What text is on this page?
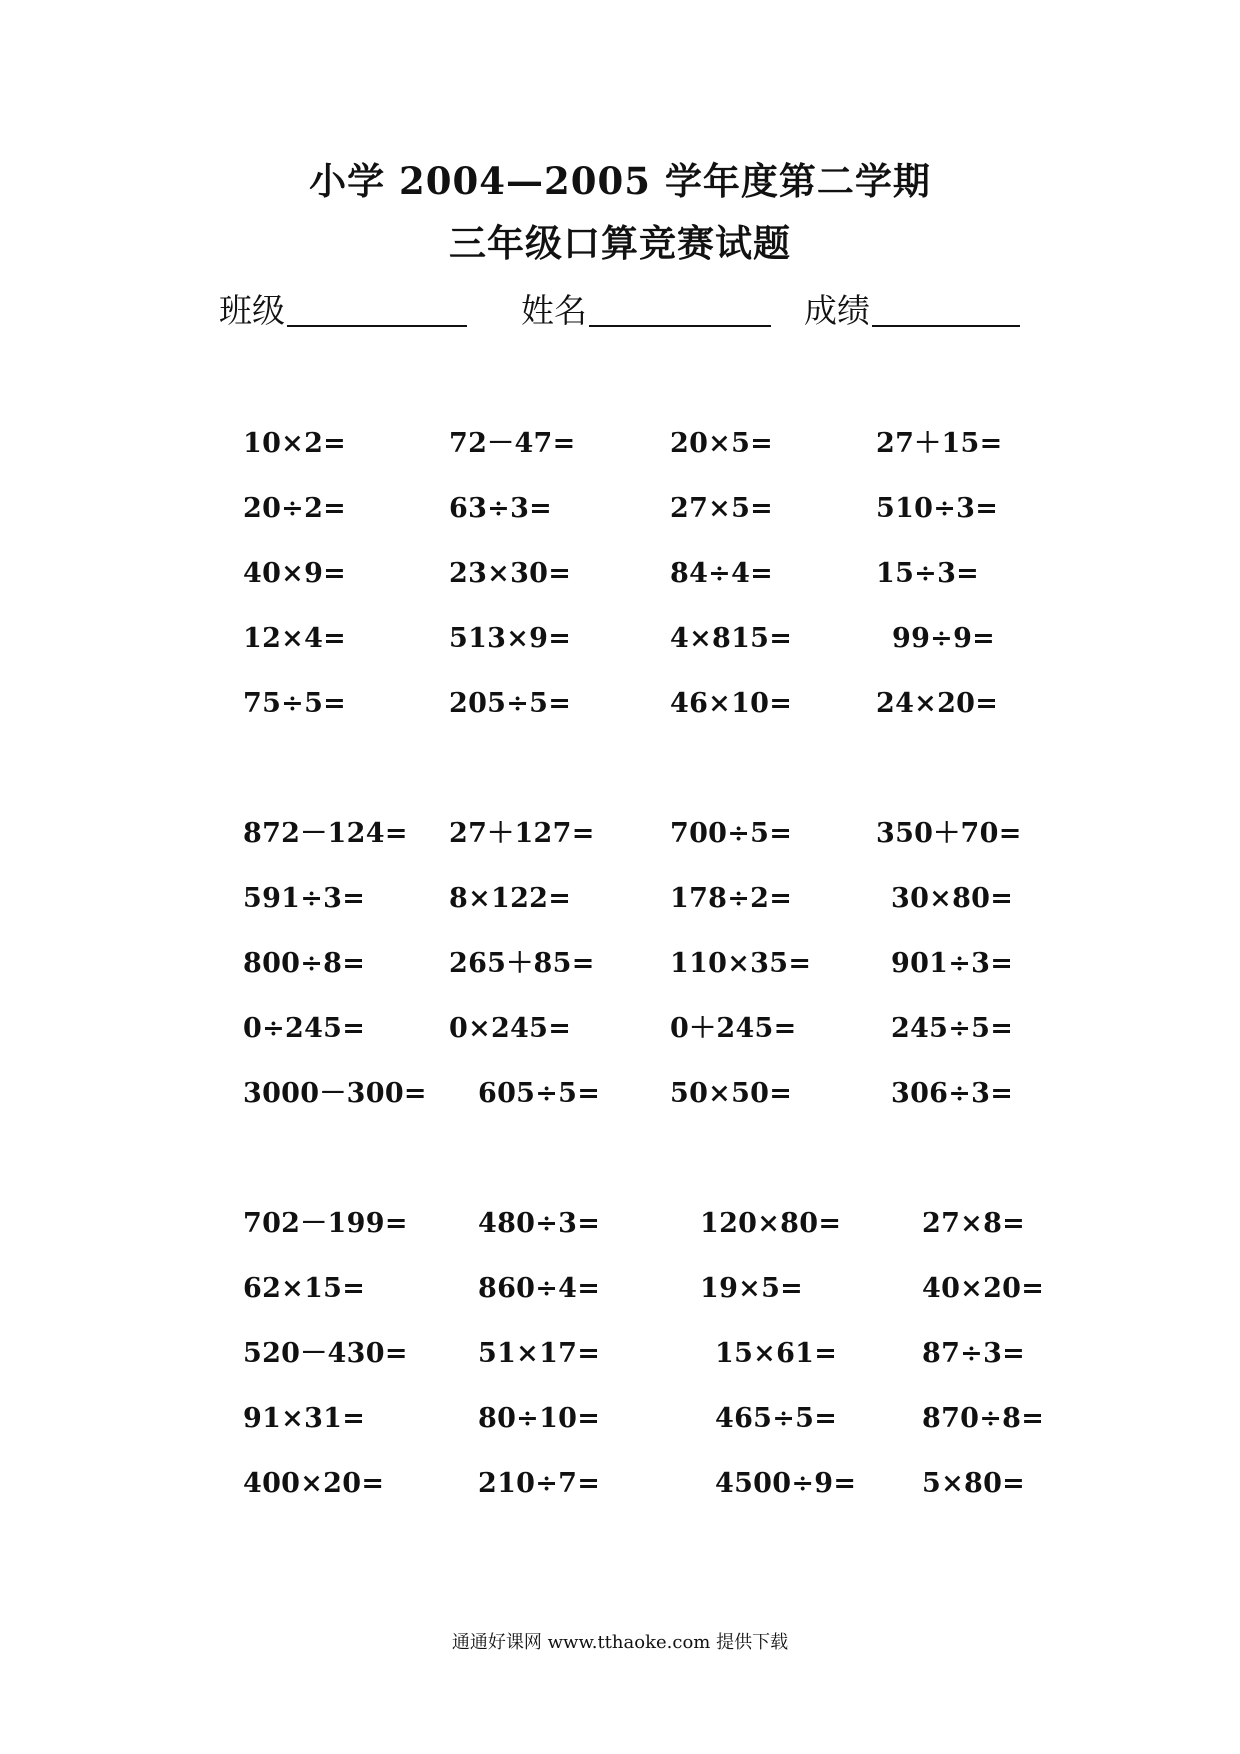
小学 2004—2005 学年度第二学期
三年级口算竞赛试题
班级	姓名	成绩
10×2=	72－47=	20×5=	27＋15=
20÷2=	63÷3=	27×5=	510÷3=
40×9=	23×30=	84÷4=	15÷3=
12×4=	513×9=	4×815=	99÷9=
75÷5=	205÷5=	46×10=	24×20=
872－124= 27＋127=	700÷5=	350＋70=
591÷3=	8×122=	178÷2=	30×80=
800÷8=	265＋85=	110×35=	901÷3=
0÷245=	0×245=	0＋245=	245÷5=
3000－300= 605÷5=	50×50=	306÷3=
702－199=	480÷3=	120×80=	27×8=
62×15=	860÷4=	19×5=	40×20=
520－430=	51×17=	15×61=	87÷3=
91×31=	80÷10=	465÷5=	870÷8=
400×20=	210÷7=	4500÷9= 5×80=
通通好课网 www.tthaoke.com 提供下载
